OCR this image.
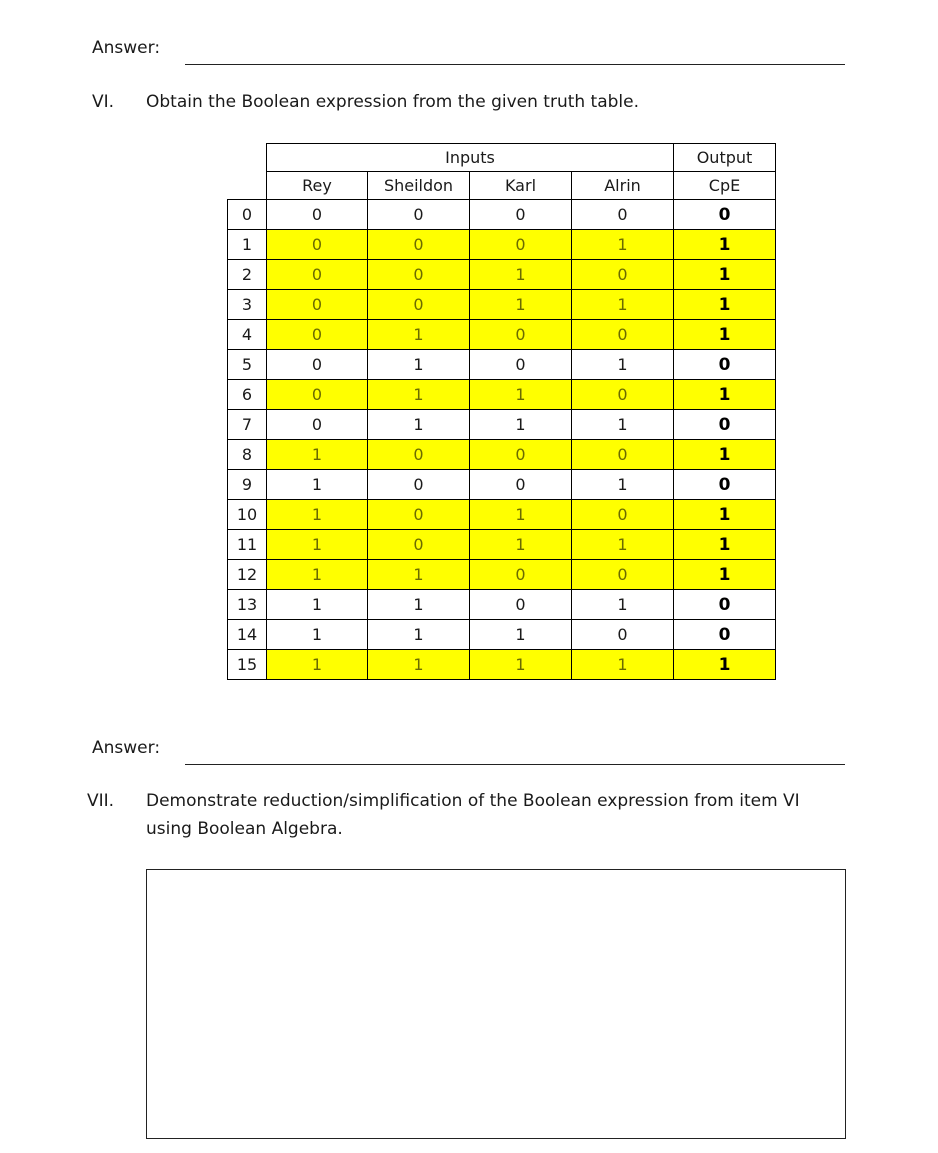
Answer:
VI. Obtain the Boolean expression from the given truth table.
	Inputs				Output
	Rey	Sheildon	Karl	Alrin	CpE
0	0	0	0	0	0
1	0	0	0	1	1
2	0	0	1	0	1
3	0	0	1	1	1
4	0	1	0	0	1
5	0	1	0	1	0
6	0	1	1	0	1
7	0	1	1	1	0
8	1	0	0	0	1
9	1	0	0	1	0
10	1	0	1	0	1
11	1	0	1	1	1
12	1	1	0	0	1
13	1	1	0	1	0
14	1	1	1	0	0
15	1	1	1	1	1
Answer:
VII. Demonstrate reduction/simplification of the Boolean expression from item VI using Boolean Algebra.
